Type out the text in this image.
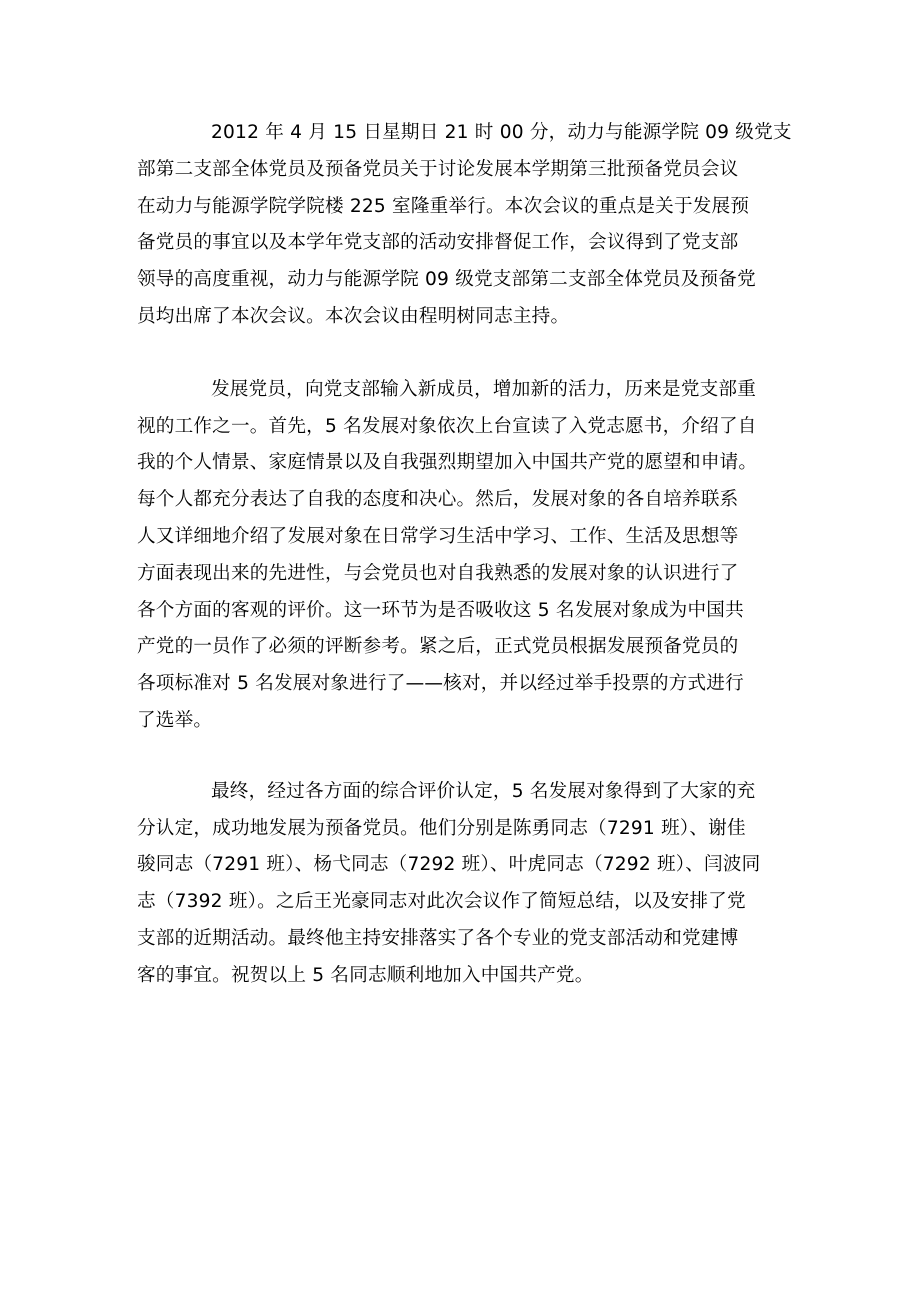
2012 年 4 月 15 日星期日 21 时 00 分，动力与能源学院 09 级党支
部第二支部全体党员及预备党员关于讨论发展本学期第三批预备党员会议
在动力与能源学院学院楼 225 室隆重举行。本次会议的重点是关于发展预
备党员的事宜以及本学年党支部的活动安排督促工作，会议得到了党支部
领导的高度重视，动力与能源学院 09 级党支部第二支部全体党员及预备党
员均出席了本次会议。本次会议由程明树同志主持。
发展党员，向党支部输入新成员，增加新的活力，历来是党支部重
视的工作之一。首先，5 名发展对象依次上台宣读了入党志愿书，介绍了自
我的个人情景、家庭情景以及自我强烈期望加入中国共产党的愿望和申请。
每个人都充分表达了自我的态度和决心。然后，发展对象的各自培养联系
人又详细地介绍了发展对象在日常学习生活中学习、工作、生活及思想等
方面表现出来的先进性，与会党员也对自我熟悉的发展对象的认识进行了
各个方面的客观的评价。这一环节为是否吸收这 5 名发展对象成为中国共
产党的一员作了必须的评断参考。紧之后，正式党员根据发展预备党员的
各项标准对 5 名发展对象进行了——核对，并以经过举手投票的方式进行
了选举。
最终，经过各方面的综合评价认定，5 名发展对象得到了大家的充
分认定，成功地发展为预备党员。他们分别是陈勇同志（7291 班）、谢佳
骏同志（7291 班）、杨弋同志（7292 班）、叶虎同志（7292 班）、闫波同
志（7392 班）。之后王光豪同志对此次会议作了简短总结，以及安排了党
支部的近期活动。最终他主持安排落实了各个专业的党支部活动和党建博
客的事宜。祝贺以上 5 名同志顺利地加入中国共产党。
